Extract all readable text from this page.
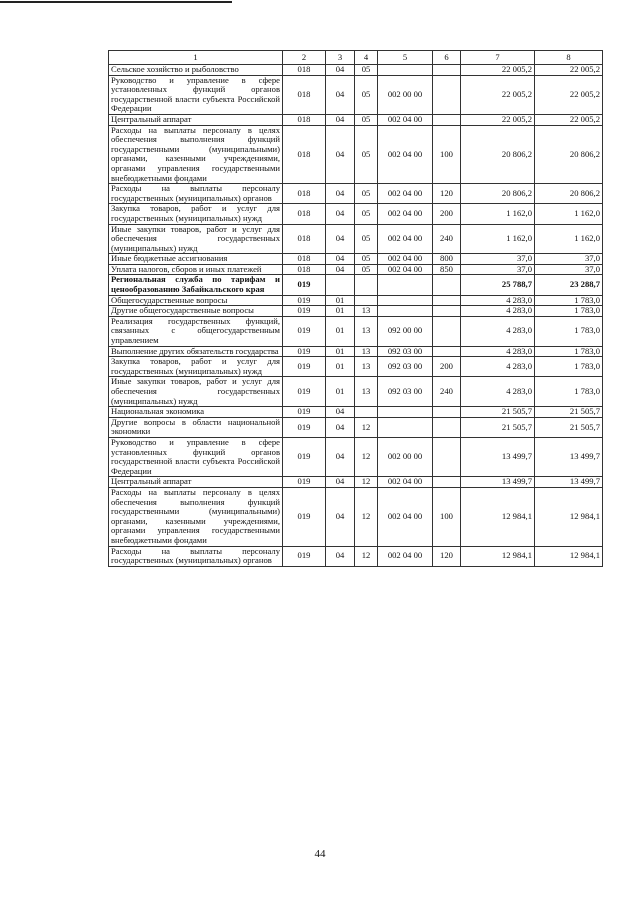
1	2	3	4	5	6	7	8
Сельское хозяйство и рыболовство	018	04	05			22 005,2	22 005,2
Руководство и управление в сфере установленных функций органов государственной власти субъекта Российской Федерации	018	04	05	002 00 00		22 005,2	22 005,2
Центральный аппарат	018	04	05	002 04 00		22 005,2	22 005,2
Расходы на выплаты персоналу в целях обеспечения выполнения функций государственными (муниципальными) органами, казенными учреждениями, органами управления государственными внебюджетными фондами	018	04	05	002 04 00	100	20 806,2	20 806,2
Расходы на выплаты персоналу государственных (муниципальных) органов	018	04	05	002 04 00	120	20 806,2	20 806,2
Закупка товаров, работ и услуг для государственных (муниципальных) нужд	018	04	05	002 04 00	200	1 162,0	1 162,0
Иные закупки товаров, работ и услуг для обеспечения государственных (муниципальных) нужд	018	04	05	002 04 00	240	1 162,0	1 162,0
Иные бюджетные ассигнования	018	04	05	002 04 00	800	37,0	37,0
Уплата налогов, сборов и иных платежей	018	04	05	002 04 00	850	37,0	37,0
Региональная служба по тарифам и ценообразованию Забайкальского края	019					25 788,7	23 288,7
Общегосударственные вопросы	019	01				4 283,0	1 783,0
Другие общегосударственные вопросы	019	01	13			4 283,0	1 783,0
Реализация государственных функций, связанных с общегосударственным управлением	019	01	13	092 00 00		4 283,0	1 783,0
Выполнение других обязательств государства	019	01	13	092 03 00		4 283,0	1 783,0
Закупка товаров, работ и услуг для государственных (муниципальных) нужд	019	01	13	092 03 00	200	4 283,0	1 783,0
Иные закупки товаров, работ и услуг для обеспечения государственных (муниципальных) нужд	019	01	13	092 03 00	240	4 283,0	1 783,0
Национальная экономика	019	04				21 505,7	21 505,7
Другие вопросы в области национальной экономики	019	04	12			21 505,7	21 505,7
Руководство и управление в сфере установленных функций органов государственной власти субъекта Российской Федерации	019	04	12	002 00 00		13 499,7	13 499,7
Центральный аппарат	019	04	12	002 04 00		13 499,7	13 499,7
Расходы на выплаты персоналу в целях обеспечения выполнения функций государственными (муниципальными) органами, казенными учреждениями, органами управления государственными внебюджетными фондами	019	04	12	002 04 00	100	12 984,1	12 984,1
Расходы на выплаты персоналу государственных (муниципальных) органов	019	04	12	002 04 00	120	12 984,1	12 984,1
44
